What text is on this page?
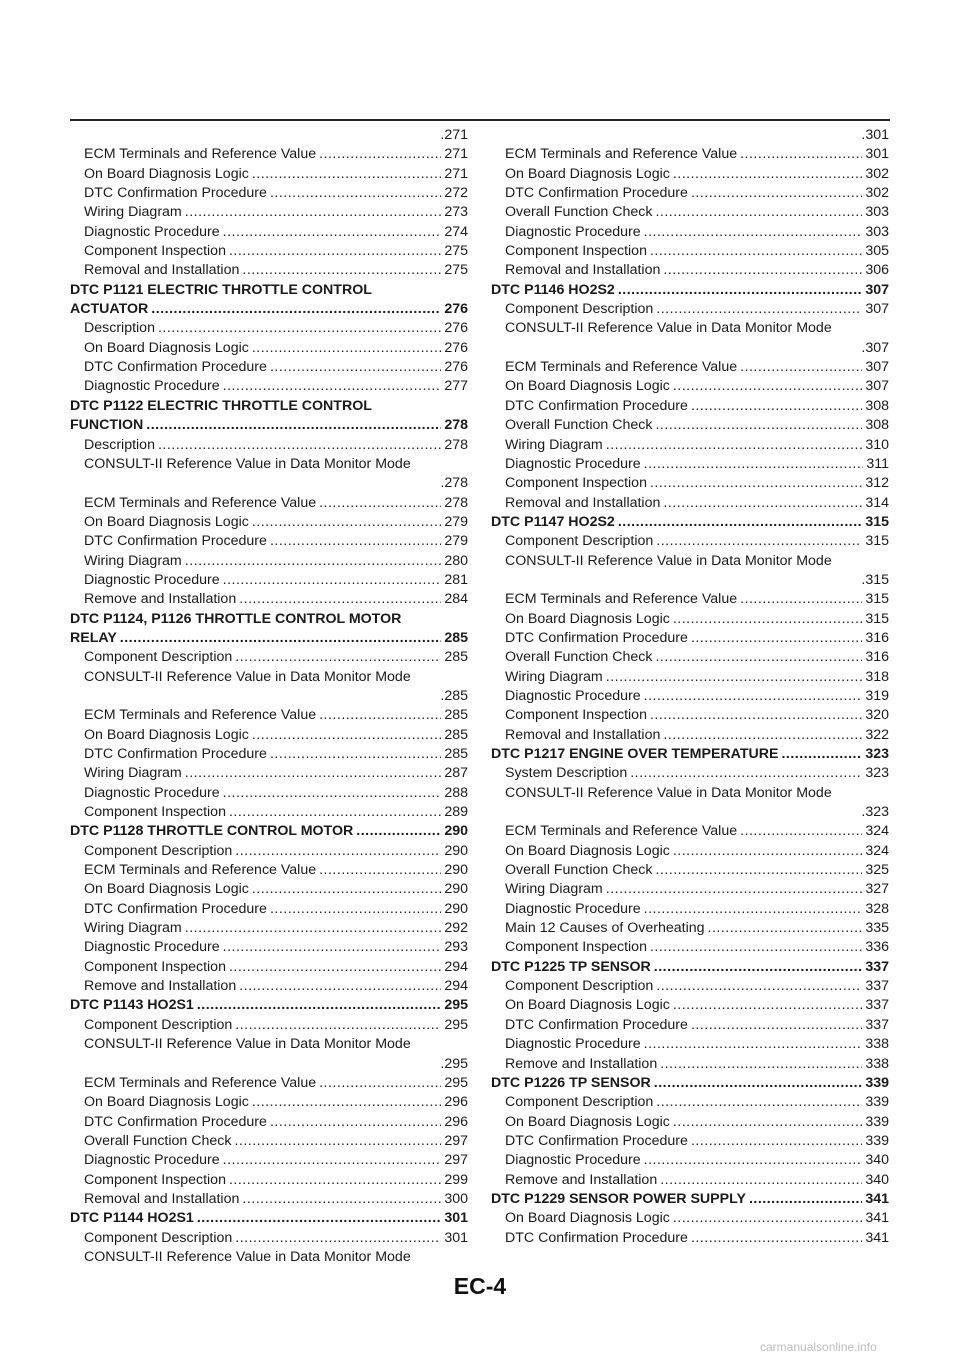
. 271
ECM Terminals and Reference Value .....	271
On Board Diagnosis Logic .....	271
DTC Confirmation Procedure .....	272
Wiring Diagram .....	273
Diagnostic Procedure .....	274
Component Inspection .....	275
Removal and Installation .....	275
DTC P1121 ELECTRIC THROTTLE CONTROL
ACTUATOR .....	276
Description .....	276
On Board Diagnosis Logic .....	276
DTC Confirmation Procedure .....	276
Diagnostic Procedure .....	277
DTC P1122 ELECTRIC THROTTLE CONTROL
FUNCTION .....	278
Description .....	278
CONSULT-II Reference Value in Data Monitor Mode
. 278
ECM Terminals and Reference Value .....	278
On Board Diagnosis Logic .....	279
DTC Confirmation Procedure .....	279
Wiring Diagram .....	280
Diagnostic Procedure .....	281
Remove and Installation .....	284
DTC P1124, P1126 THROTTLE CONTROL MOTOR
RELAY .....	285
Component Description .....	285
CONSULT-II Reference Value in Data Monitor Mode
. 285
ECM Terminals and Reference Value .....	285
On Board Diagnosis Logic .....	285
DTC Confirmation Procedure .....	285
Wiring Diagram .....	287
Diagnostic Procedure .....	288
Component Inspection .....	289
DTC P1128 THROTTLE CONTROL MOTOR .....	290
Component Description .....	290
ECM Terminals and Reference Value .....	290
On Board Diagnosis Logic .....	290
DTC Confirmation Procedure .....	290
Wiring Diagram .....	292
Diagnostic Procedure .....	293
Component Inspection .....	294
Remove and Installation .....	294
DTC P1143 HO2S1 .....	295
Component Description .....	295
CONSULT-II Reference Value in Data Monitor Mode
. 295
ECM Terminals and Reference Value .....	295
On Board Diagnosis Logic .....	296
DTC Confirmation Procedure .....	296
Overall Function Check .....	297
Diagnostic Procedure .....	297
Component Inspection .....	299
Removal and Installation .....	300
DTC P1144 HO2S1 .....	301
Component Description .....	301
CONSULT-II Reference Value in Data Monitor Mode
. 301
ECM Terminals and Reference Value .....	301
On Board Diagnosis Logic .....	302
DTC Confirmation Procedure .....	302
Overall Function Check .....	303
Diagnostic Procedure .....	303
Component Inspection .....	305
Removal and Installation .....	306
DTC P1146 HO2S2 .....	307
Component Description .....	307
CONSULT-II Reference Value in Data Monitor Mode
. 307
ECM Terminals and Reference Value .....	307
On Board Diagnosis Logic .....	307
DTC Confirmation Procedure .....	308
Overall Function Check .....	308
Wiring Diagram .....	310
Diagnostic Procedure .....	311
Component Inspection .....	312
Removal and Installation .....	314
DTC P1147 HO2S2 .....	315
Component Description .....	315
CONSULT-II Reference Value in Data Monitor Mode
. 315
ECM Terminals and Reference Value .....	315
On Board Diagnosis Logic .....	315
DTC Confirmation Procedure .....	316
Overall Function Check .....	316
Wiring Diagram .....	318
Diagnostic Procedure .....	319
Component Inspection .....	320
Removal and Installation .....	322
DTC P1217 ENGINE OVER TEMPERATURE .....	323
System Description .....	323
CONSULT-II Reference Value in Data Monitor Mode
. 323
ECM Terminals and Reference Value .....	324
On Board Diagnosis Logic .....	324
Overall Function Check .....	325
Wiring Diagram .....	327
Diagnostic Procedure .....	328
Main 12 Causes of Overheating .....	335
Component Inspection .....	336
DTC P1225 TP SENSOR .....	337
Component Description .....	337
On Board Diagnosis Logic .....	337
DTC Confirmation Procedure .....	337
Diagnostic Procedure .....	338
Remove and Installation .....	338
DTC P1226 TP SENSOR .....	339
Component Description .....	339
On Board Diagnosis Logic .....	339
DTC Confirmation Procedure .....	339
Diagnostic Procedure .....	340
Remove and Installation .....	340
DTC P1229 SENSOR POWER SUPPLY .....	341
On Board Diagnosis Logic .....	341
DTC Confirmation Procedure .....	341
EC-4
carmanualsonline.info
